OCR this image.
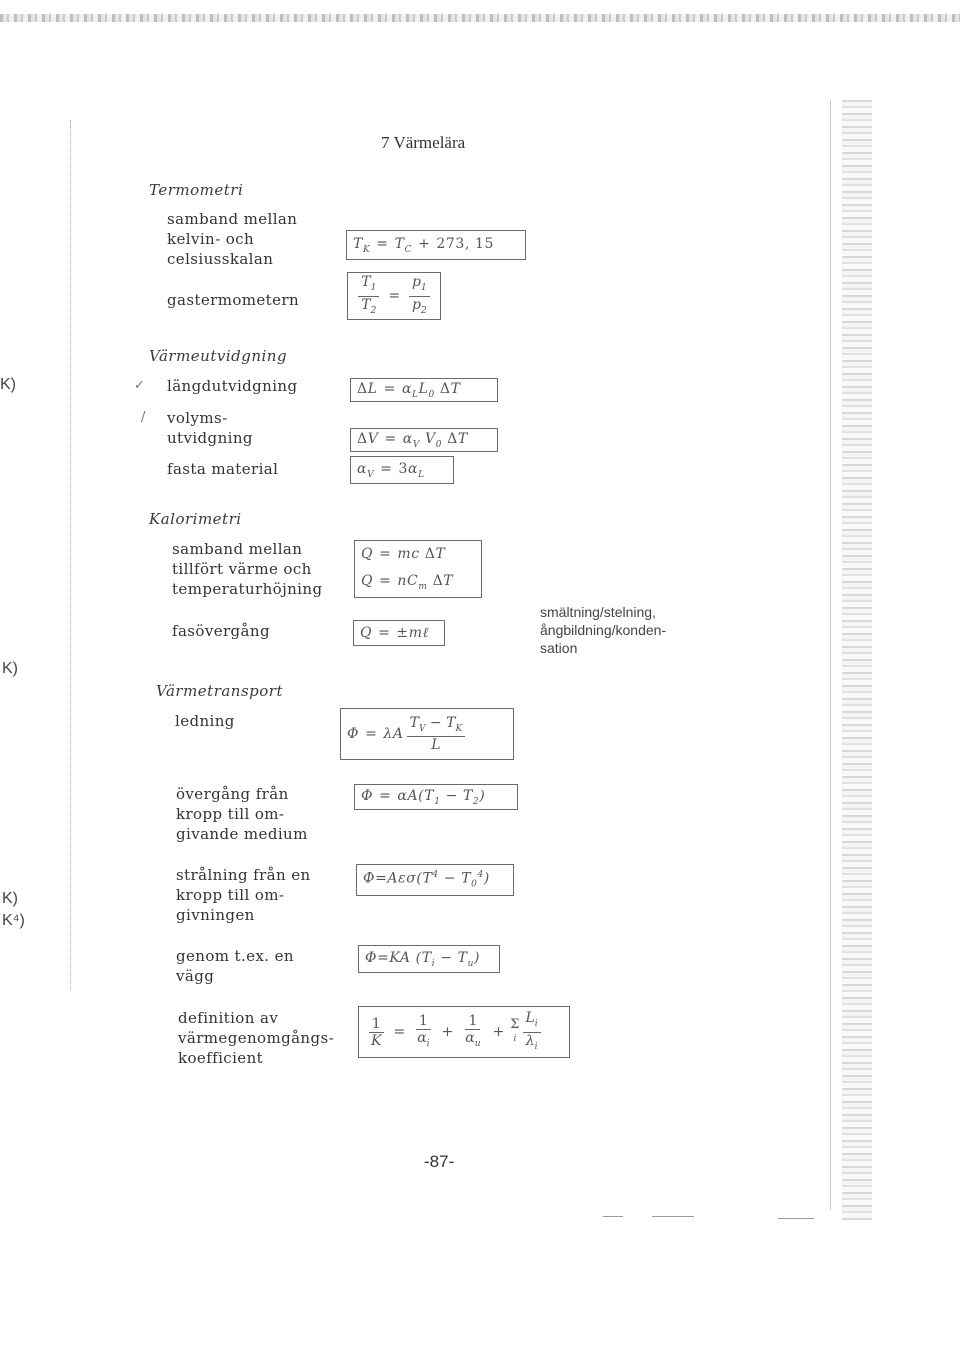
7 Värmelära
K)
K)
K)
K⁴)
Termometri
samband mellan
kelvin- och
celsiusskalan
gastermometern
$T_K = T_C + 273$, 15
$\frac{T_1}{T_2} = \frac{p_1}{p_2}$
Värmeutvidgning
✓ längdutvidgning
/ volyms-
utvidgning
fasta material
$\Delta L = \alpha_LL_0$ ΔT
$\Delta V = \alpha_V$ $V_0$ ΔT
$\alpha_V = 3\alpha_L$
Kalorimetri
samband mellan
tillfört värme och
temperaturhöjning
fasövergång
Q = mc ΔT
$Q = nC_m$ ΔT
Q = ±mℓ
smältning/stelning,
ångbildning/konden-
sation
Värmetransport
ledning
Φ = λA $\frac{T_V - T_K}{L}$
övergång från
kropp till om-
givande medium
$\Phi = \alpha A(T_1 - T_2)$
strålning från en
kropp till om-
givningen
$\Phi=A\varepsilon\sigma(T^4 - T_0^4)$
genom t.ex. en
vägg
Φ=KA $(T_i - T_u)$
definition av
värmegenomgångs-
koefficient
$\frac{1}{K} = \frac{1}{\alpha_i} + \frac{1}{\alpha_u} + \Sigma$
i $\frac{L_i}{\lambda_i}$
-87-
